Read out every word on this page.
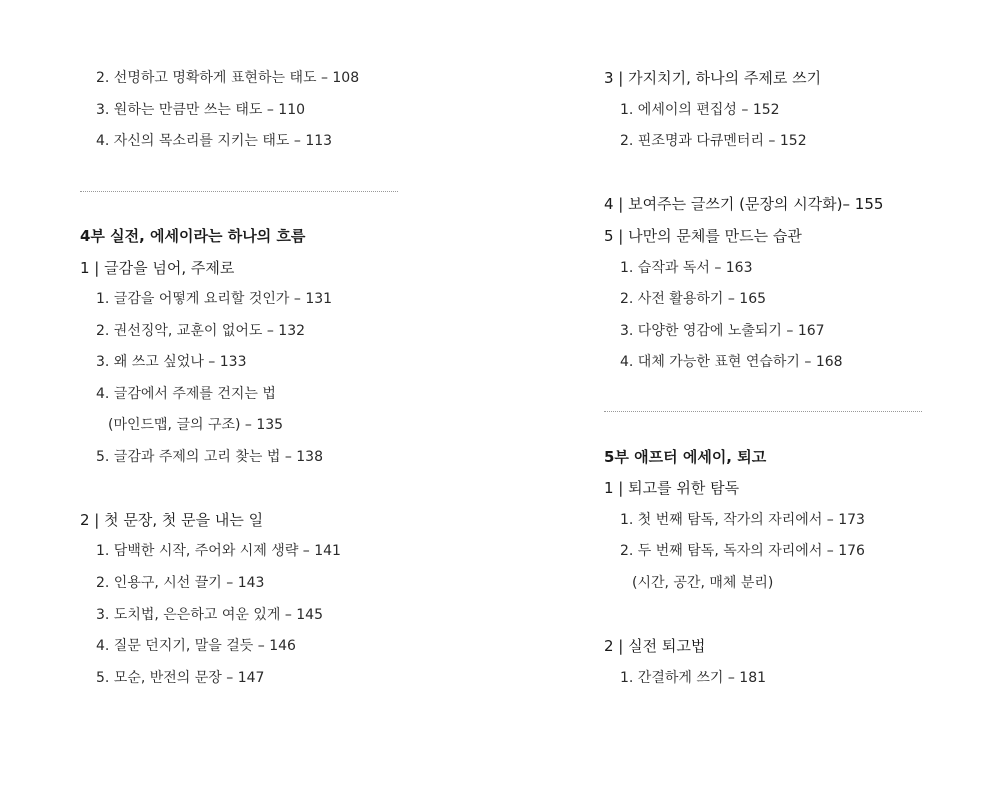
2. 선명하고 명확하게 표현하는 태도 – 108
3. 원하는 만큼만 쓰는 태도 – 110
4. 자신의 목소리를 지키는 태도 – 113
4부 실전, 에세이라는 하나의 흐름
1 | 글감을 넘어, 주제로
1. 글감을 어떻게 요리할 것인가 – 131
2. 권선징악, 교훈이 없어도 – 132
3. 왜 쓰고 싶었나 – 133
4. 글감에서 주제를 건지는 법
(마인드맵, 글의 구조) – 135
5. 글감과 주제의 고리 찾는 법 – 138
2 | 첫 문장, 첫 문을 내는 일
1. 담백한 시작, 주어와 시제 생략 – 141
2. 인용구, 시선 끌기 – 143
3. 도치법, 은은하고 여운 있게 – 145
4. 질문 던지기, 말을 걸듯 – 146
5. 모순, 반전의 문장 – 147
3 | 가지치기, 하나의 주제로 쓰기
1. 에세이의 편집성 – 152
2. 핀조명과 다큐멘터리 – 152
4 | 보여주는 글쓰기 (문장의 시각화)– 155
5 | 나만의 문체를 만드는 습관
1. 습작과 독서 – 163
2. 사전 활용하기 – 165
3. 다양한 영감에 노출되기 – 167
4. 대체 가능한 표현 연습하기 – 168
5부 애프터 에세이, 퇴고
1 | 퇴고를 위한 탐독
1. 첫 번째 탐독, 작가의 자리에서 – 173
2. 두 번째 탐독, 독자의 자리에서 – 176
(시간, 공간, 매체 분리)
2 | 실전 퇴고법
1. 간결하게 쓰기 – 181
